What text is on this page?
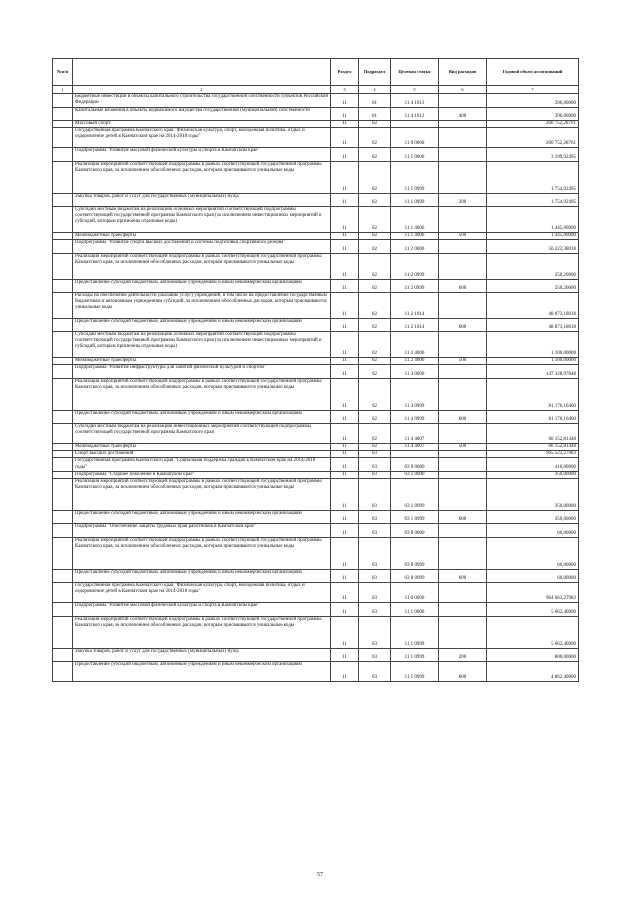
№п/п		Раздел	Подраздел	Целевая статья	Вид расходов	Годовой объем ассигнований
1	2	3	4	5	6	7
	Бюджетные инвестиции в объекты капитального строительства государственной собственности субъектов Российской Федерации	11	01	11 4 1013		396,00000
	Капитальные вложения в объекты недвижимого имущества государственной (муниципальной) собственности	11	01	11 4 1013	400	396,00000
	Массовый спорт	11	02			200 752,28761
	Государственная программа Камчатского края "Физическая культура, спорт, молодежная политика, отдых и оздоровление детей в Камчатском крае на 2014-2018 годы"	11	02	11 0 0000		200 752,28761
	Подпрограмма "Развитие массовой физической культуры и спорта в Камчатском крае"	11	02	11 1 0000		3 199,92495
	Реализация мероприятий соответствующей подпрограммы в рамках соответствующей государственной программы Камчатского края, за исключением обособленных расходов, которым присваиваются уникальные коды	11	02	11 1 0999		1 754,92495
	Закупка товаров, работ и услуг для государственных (муниципальных) нужд	11	02	11 1 0999	200	1 754,92495
	Субсидии местным бюджетам на реализацию основных мероприятий соответствующей подпрограммы соответствующей государственной программы Камчатского края (за исключением инвестиционных мероприятий и субсидий, которым присвоены отдельные коды)	11	02	11 1 4006		1 445,00000
	Межбюджетные трансферты	11	02	11 1 4006	500	1 445,00000
	Подпрограмма "Развитие спорта высших достижений и системы подготовки спортивного резерва"	11	02	11 2 0000		50 223,38018
	Реализация мероприятий соответствующей подпрограммы в рамках соответствующей государственной программы Камчатского края, за исключением обособленных расходов, которым присваиваются уникальные коды	11	02	11 2 0999		250,20000
	Предоставление субсидий бюджетным, автономным учреждениям и иным некоммерческим организациям	11	02	11 2 0999	600	250,20000
	Расходы на обеспечение деятельности (оказание услуг) учреждений, в том числе на предоставление государственным бюджетным и автономным учреждениям субсидий, за исключением обособленных расходов, которым присваиваются уникальные коды	11	02	11 2 1014		48 873,18018
	Предоставление субсидий бюджетным, автономным учреждениям и иным некоммерческим организациям	11	02	11 2 1014	600	48 873,18018
	Субсидии местным бюджетам на реализацию основных мероприятий соответствующей подпрограммы соответствующей государственной программы Камчатского края (за исключением инвестиционных мероприятий и субсидий, которым присвоены отдельные коды)	11	02	11 2 4006		1 100,00000
	Межбюджетные трансферты	11	02	11 2 4006	500	1 100,00000
	Подпрограмма "Развитие инфраструктуры для занятий физической культурой и спортом"	11	02	11 4 0000		147 328,97848
	Реализация мероприятий соответствующей подпрограммы в рамках соответствующей государственной программы Камчатского края, за исключением обособленных расходов, которым присваиваются уникальные коды	11	02	11 4 0999		81 176,16400
	Предоставление субсидий бюджетным, автономным учреждениям и иным некоммерческим организациям	11	02	11 4 0999	600	81 176,16400
	Субсидии местным бюджетам на реализацию инвестиционных мероприятий соответствующей подпрограммы соответствующей государственной программы Камчатского края	11	02	11 4 4007		66 152,81448
	Межбюджетные трансферты	11	02	11 4 4007	500	66 152,81448
	Спорт высших достижений	11	03			965 523,27983
	Государственная программа Камчатского края "Социальная поддержка граждан в Камчатском крае на 2014-2018 годы"	11	03	03 0 0000		410,00000
	Подпрограмма "Старшее поколение в Камчатском крае"	11	03	03 1 0000		350,00000
	Реализация мероприятий соответствующей подпрограммы в рамках соответствующей государственной программы Камчатского края, за исключением обособленных расходов, которым присваиваются уникальные коды	11	03	03 1 0999		350,00000
	Предоставление субсидий бюджетным, автономным учреждениям и иным некоммерческим организациям	11	03	03 1 0999	600	350,00000
	Подпрограмма "Обеспечение защиты трудовых прав работников в Камчатском крае"	11	03	03 8 0000		60,00000
	Реализация мероприятий соответствующей подпрограммы в рамках соответствующей государственной программы Камчатского края, за исключением обособленных расходов, которым присваиваются уникальные коды	11	03	03 8 0999		60,00000
	Предоставление субсидий бюджетным, автономным учреждениям и иным некоммерческим организациям	11	03	03 8 0999	600	60,00000
	Государственная программа Камчатского края "Физическая культура, спорт, молодежная политика, отдых и оздоровление детей в Камчатском крае на 2014-2018 годы"	11	03	11 0 0000		964 663,27983
	Подпрограмма "Развитие массовой физической культуры и спорта в Камчатском крае"	11	03	11 1 0000		5 662,40000
	Реализация мероприятий соответствующей подпрограммы в рамках соответствующей государственной программы Камчатского края, за исключением обособленных расходов, которым присваиваются уникальные коды	11	03	11 1 0999		5 662,40000
	Закупка товаров, работ и услуг для государственных (муниципальных) нужд	11	03	11 1 0999	200	800,00000
	Предоставление субсидий бюджетным, автономным учреждениям и иным некоммерческим организациям	11	03	11 1 0999	600	4 862,40000
57
